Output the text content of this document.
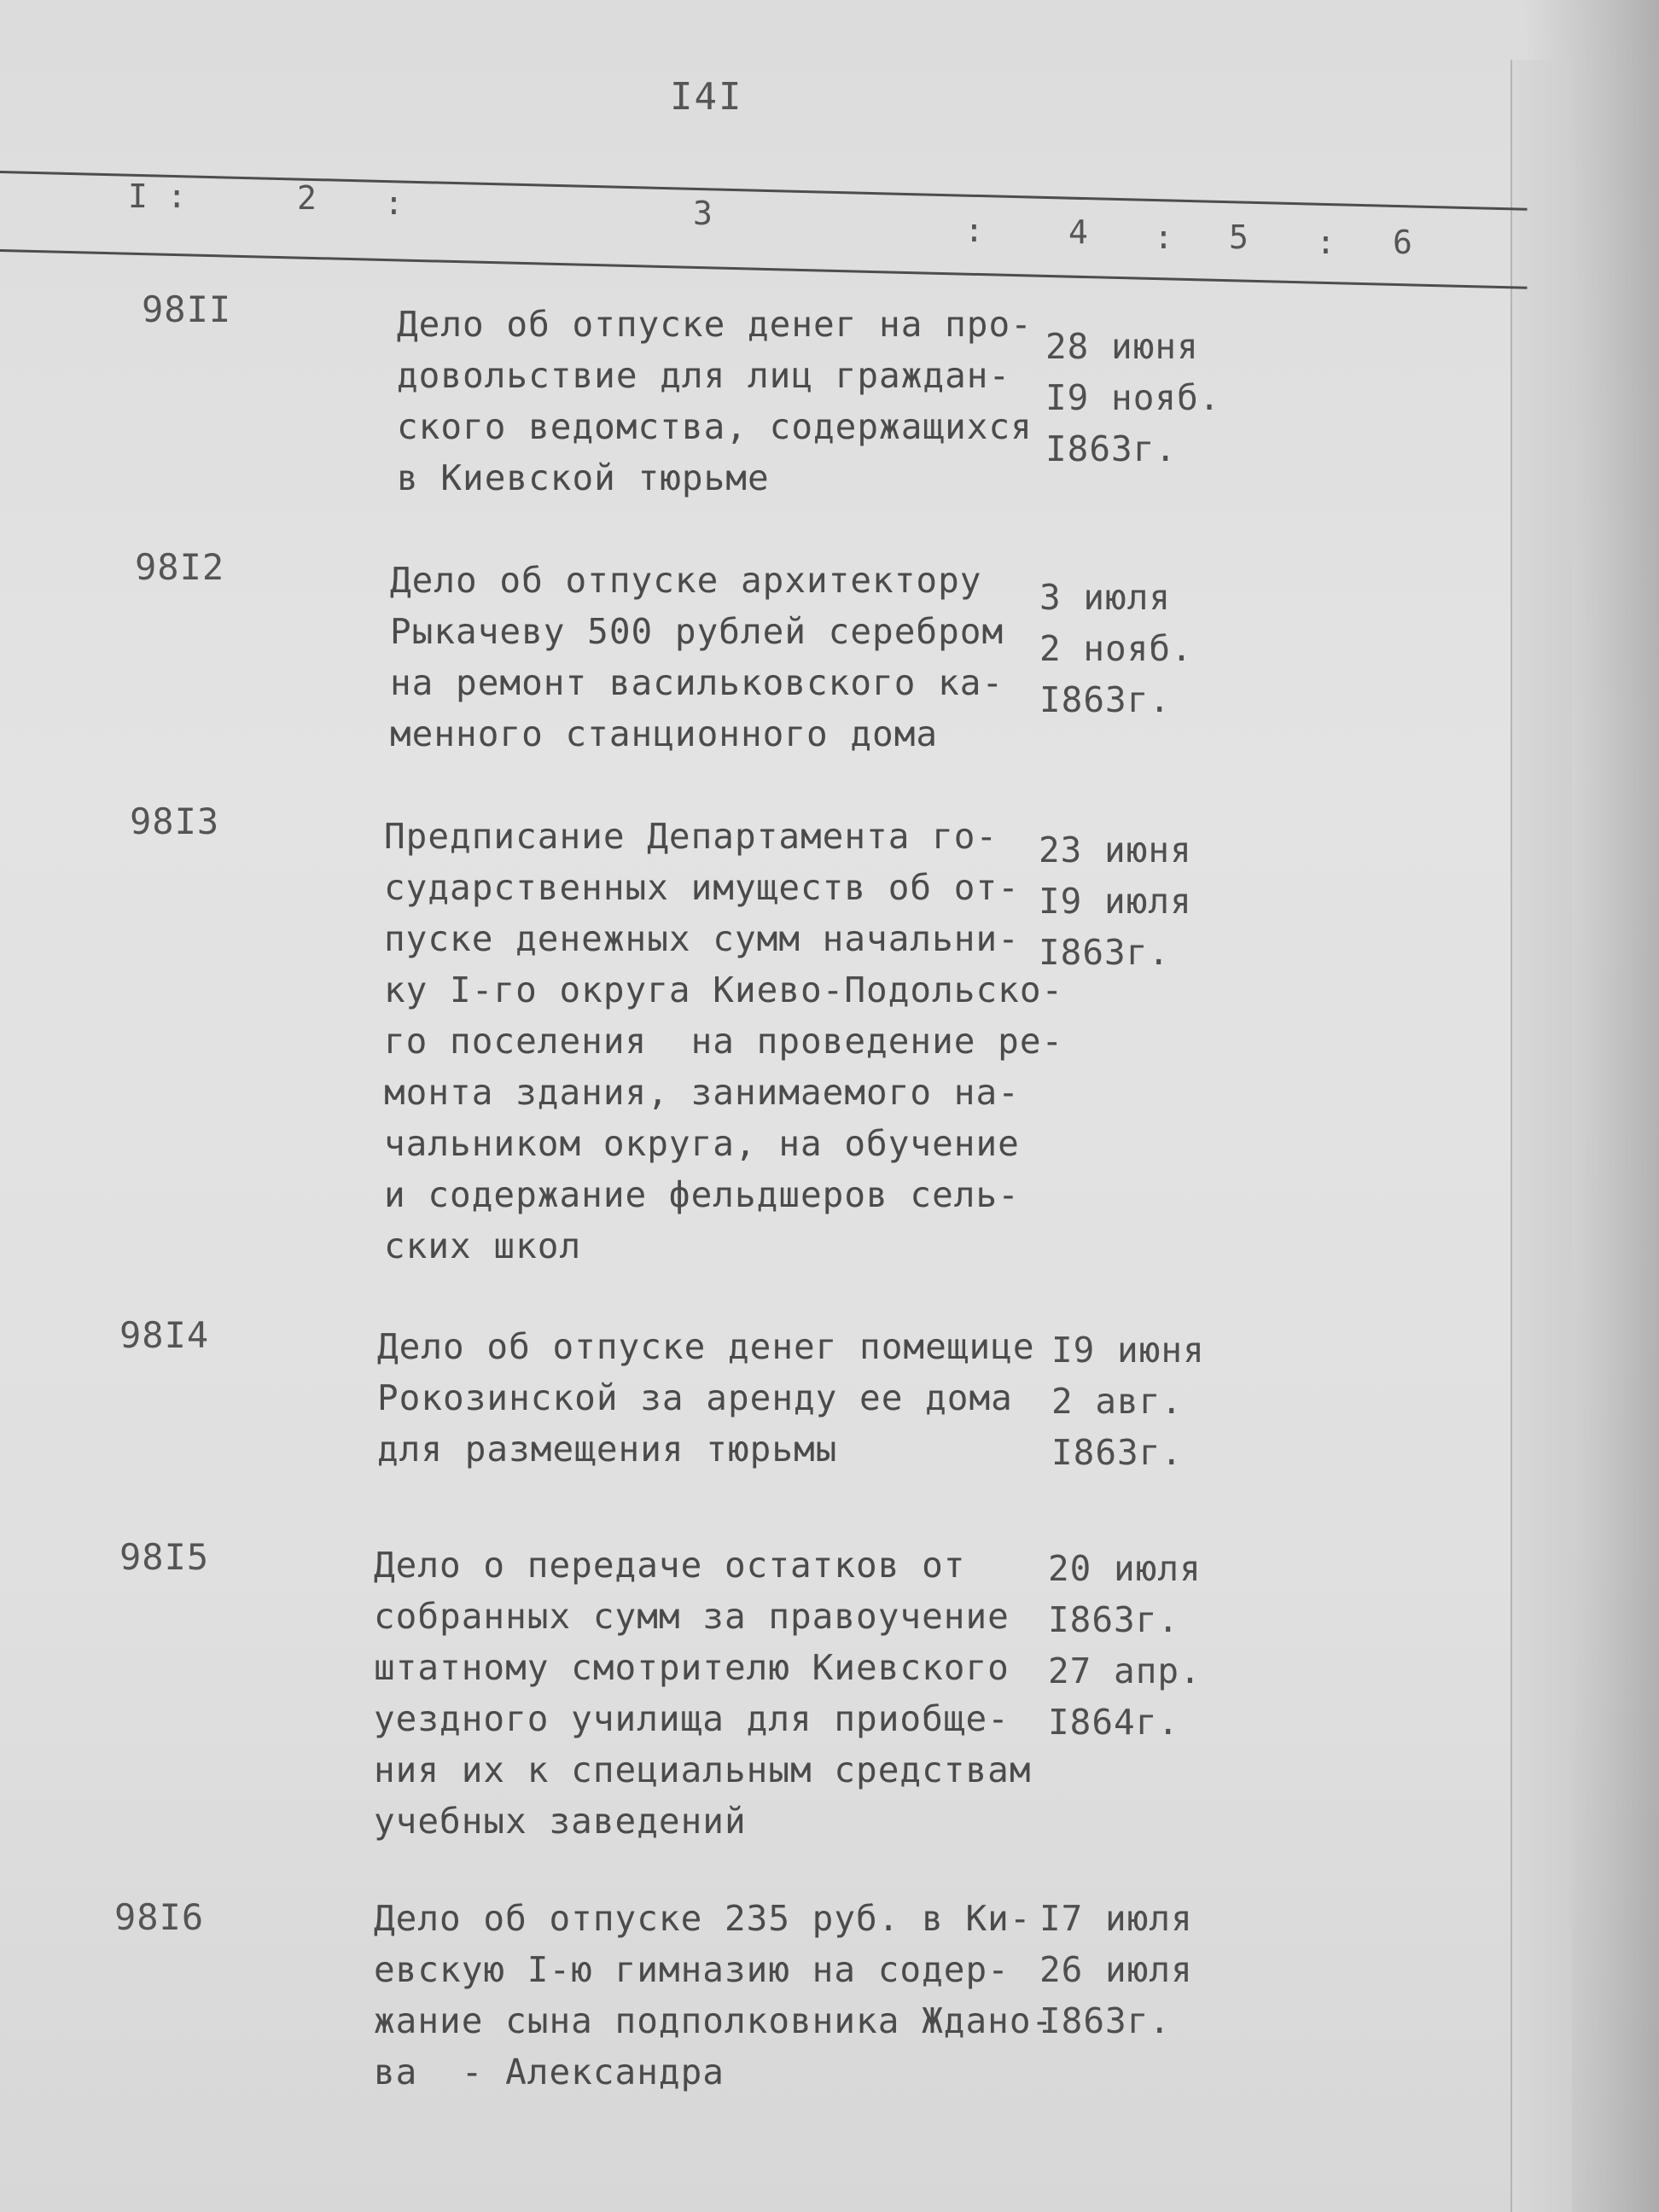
I4I
I :	2 :	3	:	4 : 5 : 6
98II	Дело об отпуске денег на про-
довольствие для лиц граждан-
ского ведомства, содержащихся
в Киевской тюрьме
28 июня
I9 нояб.
I863г.
98I2	Дело об отпуске архитектору
Рыкачеву 500 рублей серебром
на ремонт васильковского ка-
менного станционного дома
3 июля
2 нояб.
I863г.
98I3	Предписание Департамента го-
сударственных имуществ об от-
пуске денежных сумм начальни-
ку I-го округа Киево-Подольско-
го поселения  на проведение ре-
монта здания, занимаемого на-
чальником округа, на обучение
и содержание фельдшеров сель-
ских школ
23 июня
I9 июля
I863г.
98I4	Дело об отпуске денег помещице
Рокозинской за аренду ее дома
для размещения тюрьмы
I9 июня
2 авг.
I863г.
98I5	Дело о передаче остатков от
собранных сумм за правоучение
штатному смотрителю Киевского
уездного училища для приобще-
ния их к специальным средствам
учебных заведений
20 июля
I863г.
27 апр.
I864г.
98I6	Дело об отпуске 235 руб. в Ки-
евскую I-ю гимназию на содер-
жание сына подполковника Ждано-
ва  - Александра
I7 июля
26 июля
I863г.
